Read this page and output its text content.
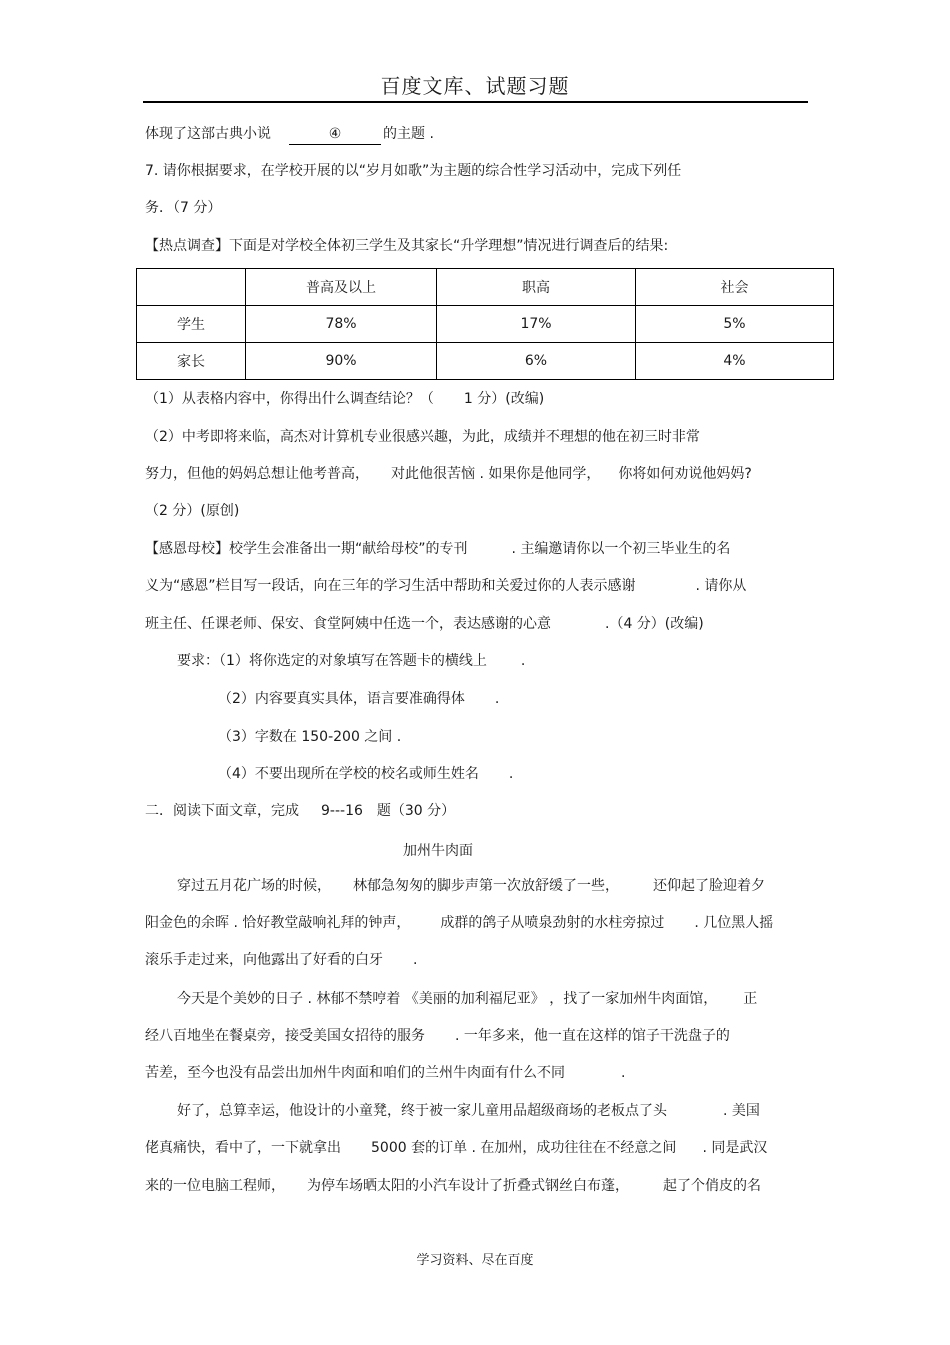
百度文库、试题习题
体现了这部古典小说	④	的主题 .
7. 请你根据要求，在学校开展的以“岁月如歌”为主题的综合性学习活动中，完成下列任
务．（7 分）
【热点调查】下面是对学校全体初三学生及其家长“升学理想”情况进行调查后的结果:
	普高及以上	职高	社会
学生	78%	17%	5%
家长	90%	6%	4%
（1）从表格内容中，你得出什么调查结论？（ 1 分）(改编)
（2）中考即将来临，高杰对计算机专业很感兴趣，为此，成绩并不理想的他在初三时非常
努力，但他的妈妈总想让他考普高， 对此他很苦恼 . 如果你是他同学， 你将如何劝说他妈妈?
（2 分）(原创)
【感恩母校】校学生会准备出一期“献给母校”的专刊	. 主编邀请你以一个初三毕业生的名
义为“感恩”栏目写一段话，向在三年的学习生活中帮助和关爱过你的人表示感谢	. 请你从
班主任、任课老师、保安、食堂阿姨中任选一个，表达感谢的心意	.（4 分）(改编)
要求：（1）将你选定的对象填写在答题卡的横线上 .
（2）内容要真实具体，语言要准确得体 .
（3）字数在 150-200 之间 .
（4）不要出现所在学校的校名或师生姓名 .
二．阅读下面文章，完成 9---16 题（30 分）
加州牛肉面
穿过五月花广场的时候， 林郁急匆匆的脚步声第一次放舒缓了一些， 还仰起了脸迎着夕
阳金色的余晖 . 恰好教堂敲响礼拜的钟声， 成群的鸽子从喷泉劲射的水柱旁掠过 . 几位黑人摇
滚乐手走过来，向他露出了好看的白牙 .
今天是个美妙的日子 . 林郁不禁哼着 《美丽的加利福尼亚》 ，找了一家加州牛肉面馆， 正
经八百地坐在餐桌旁，接受美国女招待的服务 . 一年多来，他一直在这样的馆子干洗盘子的
苦差，至今也没有品尝出加州牛肉面和咱们的兰州牛肉面有什么不同	.
好了，总算幸运，他设计的小童凳，终于被一家儿童用品超级商场的老板点了头	. 美国
佬真痛快，看中了，一下就拿出 5000 套的订单 . 在加州，成功往往在不经意之间 . 同是武汉
来的一位电脑工程师， 为停车场晒太阳的小汽车设计了折叠式钢丝白布蓬， 起了个俏皮的名
学习资料、尽在百度
